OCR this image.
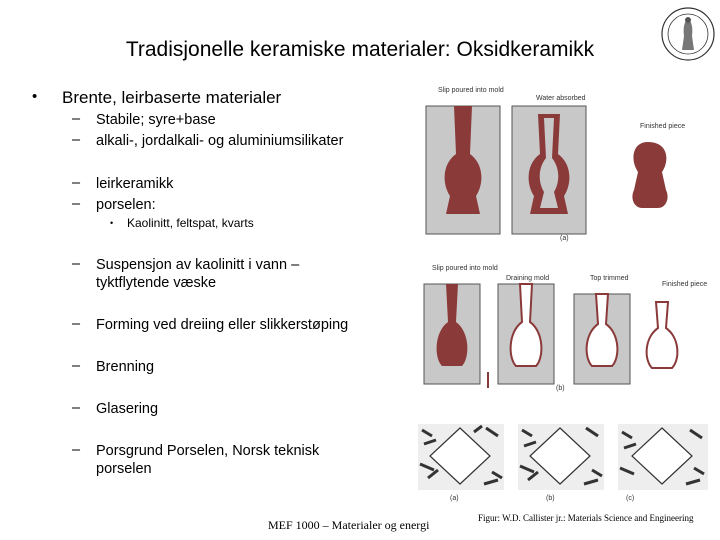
Tradisjonelle keramiske materialer: Oksidkeramikk
• Brente, leirbaserte materialer
– Stabile; syre+base
– alkali-, jordalkali- og aluminiumsilikater
– leirkeramikk
– porselen:
• Kaolinitt, feltspat, kvarts
– Suspensjon av kaolinitt i vann – tyktflytende væske
– Forming ved dreiing eller slikkerstøping
– Brenning
– Glasering
– Porsgrund Porselen, Norsk teknisk porselen
Slip poured into mold
Water absorbed
Finished piece
(a)
Slip poured into mold
Draining mold	Top trimmed
Finished piece
(b)
(a)	(b)	(c)
MEF 1000 – Materialer og energi	Figur: W.D. Callister jr.: Materials Science and Engineering
